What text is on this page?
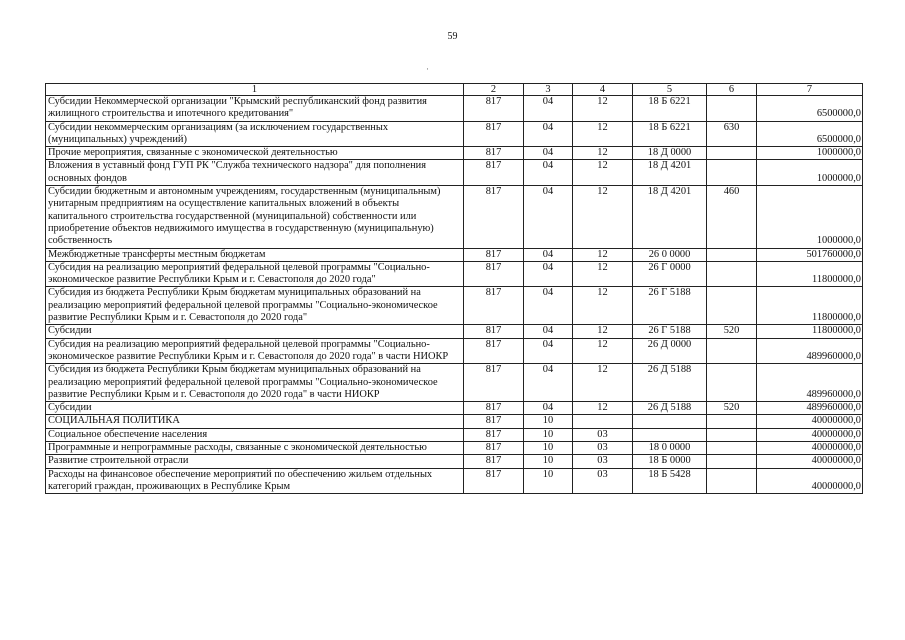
59
·
1	2	3	4	5	6	7
Субсидии Некоммерческой организации "Крымский республиканский фонд развития жилищного строительства и ипотечного кредитования"	817	04	12	18 Б 6221		6500000,0
Субсидии некоммерческим организациям (за исключением государственных (муниципальных) учреждений)	817	04	12	18 Б 6221	630	6500000,0
Прочие мероприятия, связанные с экономической деятельностью	817	04	12	18 Д 0000		1000000,0
Вложения в уставный фонд ГУП РК "Служба технического надзора" для пополнения основных фондов	817	04	12	18 Д 4201		1000000,0
Субсидии бюджетным и автономным учреждениям, государственным (муниципальным) унитарным предприятиям на осуществление капитальных вложений в объекты капитального строительства государственной (муниципальной) собственности или приобретение объектов недвижимого имущества в государственную (муниципальную) собственность	817	04	12	18 Д 4201	460	1000000,0
Межбюджетные трансферты местным бюджетам	817	04	12	26 0 0000		501760000,0
Субсидия на реализацию мероприятий федеральной целевой программы "Социально-экономическое развитие Республики Крым и г. Севастополя до 2020 года"	817	04	12	26 Г 0000		11800000,0
Субсидия из бюджета Республики Крым бюджетам муниципальных образований на реализацию мероприятий федеральной целевой программы "Социально-экономическое развитие Республики Крым и г. Севастополя до 2020 года"	817	04	12	26 Г 5188		11800000,0
Субсидии	817	04	12	26 Г 5188	520	11800000,0
Субсидия на реализацию мероприятий федеральной целевой программы "Социально-экономическое развитие Республики Крым и г. Севастополя до 2020 года" в части НИОКР	817	04	12	26 Д 0000		489960000,0
Субсидия из бюджета Республики Крым бюджетам муниципальных образований на реализацию мероприятий федеральной целевой программы "Социально-экономическое развитие Республики Крым и г. Севастополя до 2020 года" в части НИОКР	817	04	12	26 Д 5188		489960000,0
Субсидии	817	04	12	26 Д 5188	520	489960000,0
СОЦИАЛЬНАЯ ПОЛИТИКА	817	10				40000000,0
Социальное обеспечение населения	817	10	03			40000000,0
Программные и непрограммные расходы, связанные с экономической деятельностью	817	10	03	18 0 0000		40000000,0
Развитие строительной отрасли	817	10	03	18 Б 0000		40000000,0
Расходы на финансовое обеспечение мероприятий по обеспечению жильем отдельных категорий граждан, проживающих в Республике Крым	817	10	03	18 Б 5428		40000000,0
